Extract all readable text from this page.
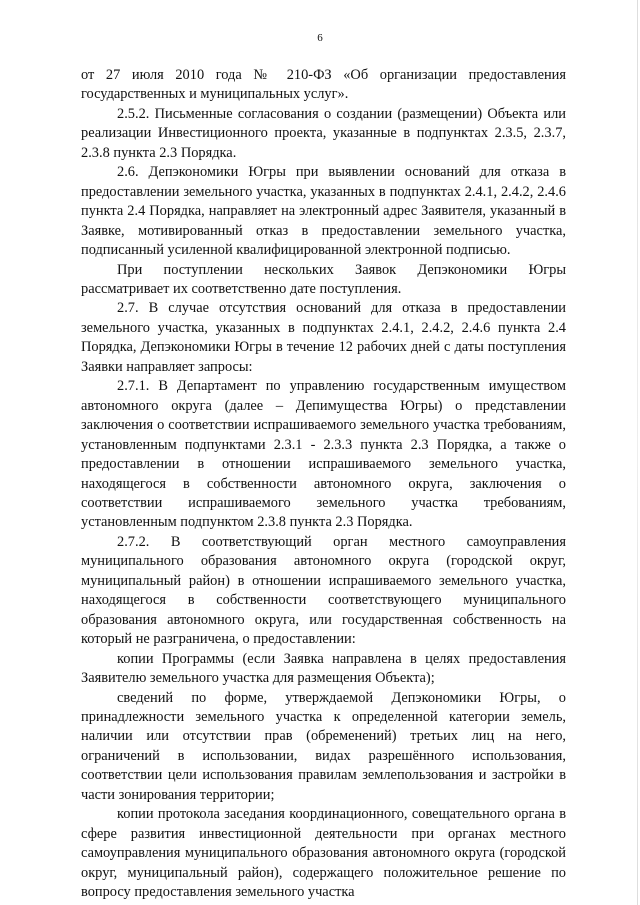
6

от 27 июля 2010 года № 210-ФЗ «Об организации предоставления государственных и муниципальных услуг».

2.5.2. Письменные согласования о создании (размещении) Объекта или реализации Инвестиционного проекта, указанные в подпунктах 2.3.5, 2.3.7, 2.3.8 пункта 2.3 Порядка.

2.6. Депэкономики Югры при выявлении оснований для отказа в предоставлении земельного участка, указанных в подпунктах 2.4.1, 2.4.2, 2.4.6 пункта 2.4 Порядка, направляет на электронный адрес Заявителя, указанный в Заявке, мотивированный отказ в предоставлении земельного участка, подписанный усиленной квалифицированной электронной подписью.

При поступлении нескольких Заявок Депэкономики Югры рассматривает их соответственно дате поступления.

2.7. В случае отсутствия оснований для отказа в предоставлении земельного участка, указанных в подпунктах 2.4.1, 2.4.2, 2.4.6 пункта 2.4 Порядка, Депэкономики Югры в течение 12 рабочих дней с даты поступления Заявки направляет запросы:

2.7.1. В Департамент по управлению государственным имуществом автономного округа (далее – Депимущества Югры) о представлении заключения о соответствии испрашиваемого земельного участка требованиям, установленным подпунктами 2.3.1 - 2.3.3 пункта 2.3 Порядка, а также о предоставлении в отношении испрашиваемого земельного участка, находящегося в собственности автономного округа, заключения о соответствии испрашиваемого земельного участка требованиям, установленным подпунктом 2.3.8 пункта 2.3 Порядка.

2.7.2. В соответствующий орган местного самоуправления муниципального образования автономного округа (городской округ, муниципальный район) в отношении испрашиваемого земельного участка, находящегося в собственности соответствующего муниципального образования автономного округа, или государственная собственность на который не разграничена, о предоставлении:

копии Программы (если Заявка направлена в целях предоставления Заявителю земельного участка для размещения Объекта);

сведений по форме, утверждаемой Депэкономики Югры, о принадлежности земельного участка к определенной категории земель, наличии или отсутствии прав (обременений) третьих лиц на него, ограничений в использовании, видах разрешённого использования, соответствии цели использования правилам землепользования и застройки в части зонирования территории;

копии протокола заседания координационного, совещательного органа в сфере развития инвестиционной деятельности при органах местного самоуправления муниципального образования автономного округа (городской округ, муниципальный район), содержащего положительное решение по вопросу предоставления земельного участка
